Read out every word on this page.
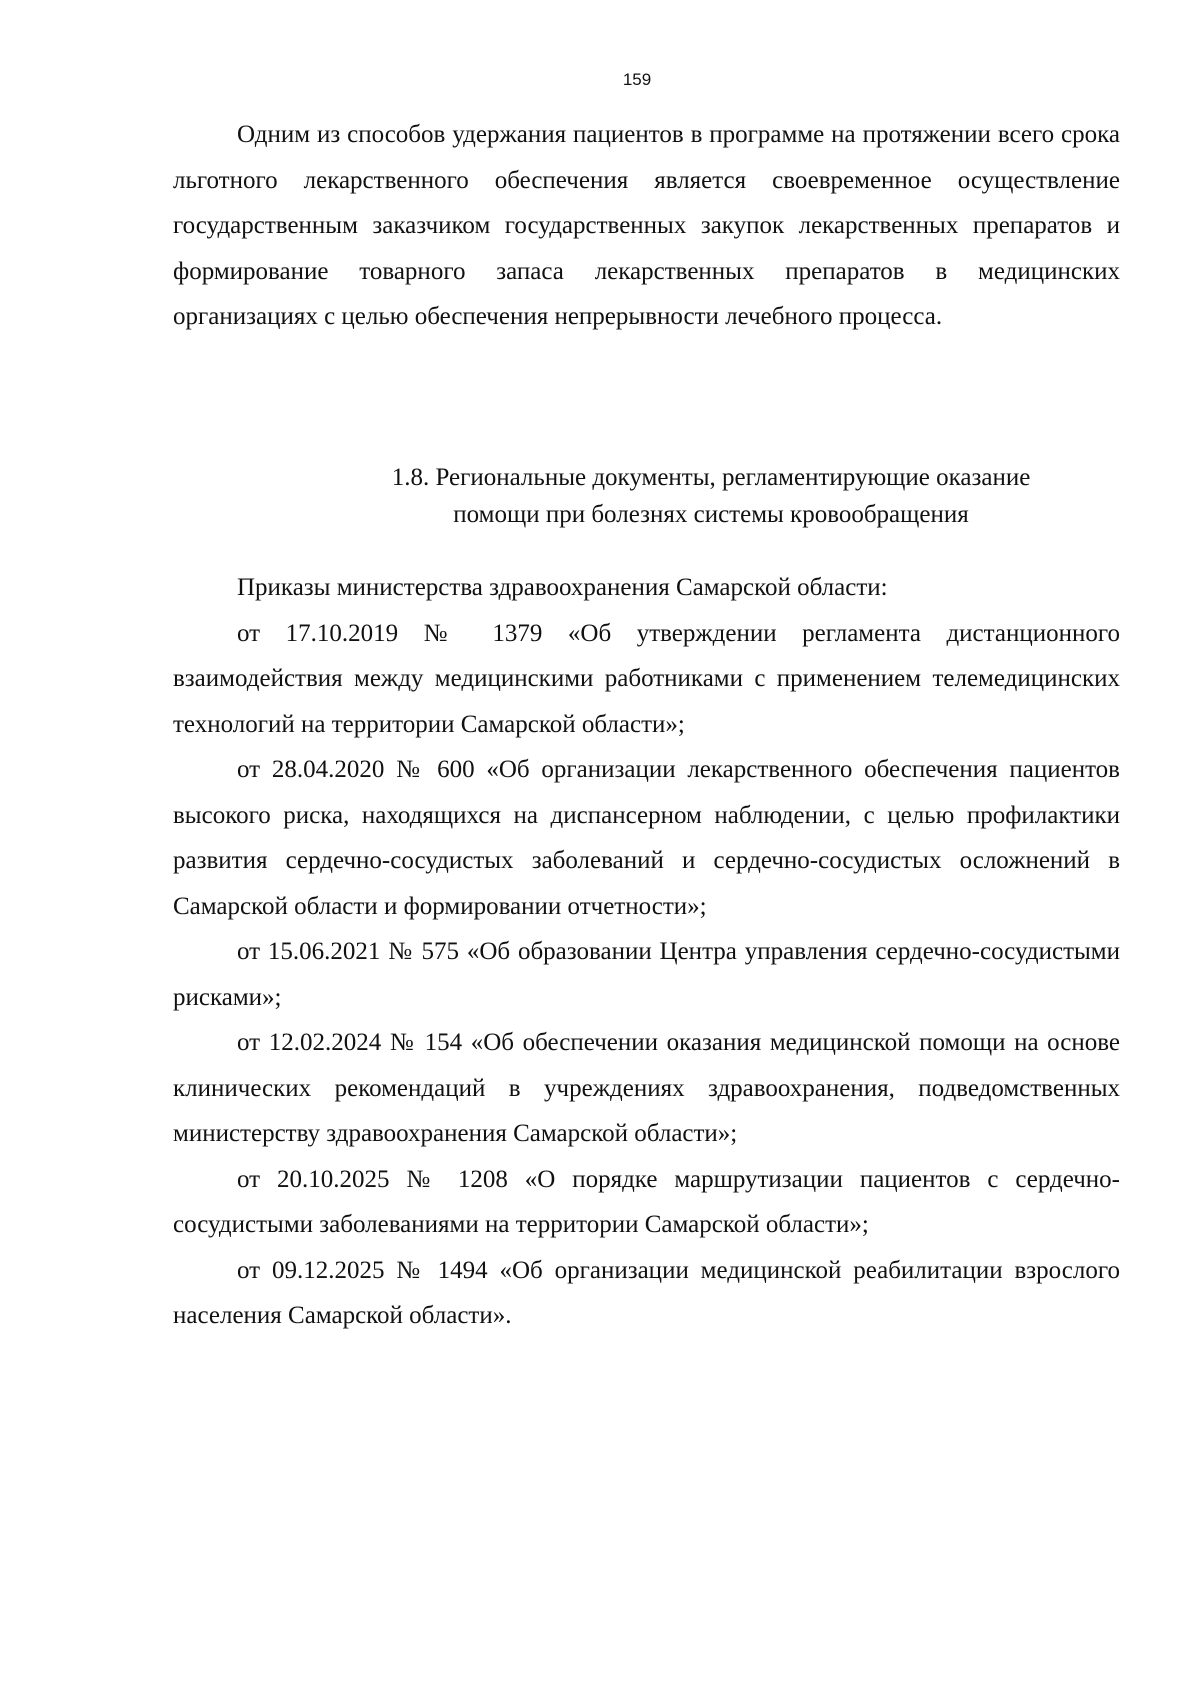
159

Одним из способов удержания пациентов в программе на протяжении всего срока льготного лекарственного обеспечения является своевременное осуществление государственным заказчиком государственных закупок лекарственных препаратов и формирование товарного запаса лекарственных препаратов в медицинских организациях с целью обеспечения непрерывности лечебного процесса.

1.8. Региональные документы, регламентирующие оказание
помощи при болезнях системы кровообращения

Приказы министерства здравоохранения Самарской области:

от 17.10.2019 № 1379 «Об утверждении регламента дистанционного взаимодействия между медицинскими работниками с применением телемедицинских технологий на территории Самарской области»;

от 28.04.2020 № 600 «Об организации лекарственного обеспечения пациентов высокого риска, находящихся на диспансерном наблюдении, с целью профилактики развития сердечно-сосудистых заболеваний и сердечно-сосудистых осложнений в Самарской области и формировании отчетности»;

от 15.06.2021 № 575 «Об образовании Центра управления сердечно-сосудистыми рисками»;

от 12.02.2024 № 154 «Об обеспечении оказания медицинской помощи на основе клинических рекомендаций в учреждениях здравоохранения, подведомственных министерству здравоохранения Самарской области»;

от 20.10.2025 № 1208 «О порядке маршрутизации пациентов с сердечно-сосудистыми заболеваниями на территории Самарской области»;

от 09.12.2025 № 1494 «Об организации медицинской реабилитации взрослого населения Самарской области».
